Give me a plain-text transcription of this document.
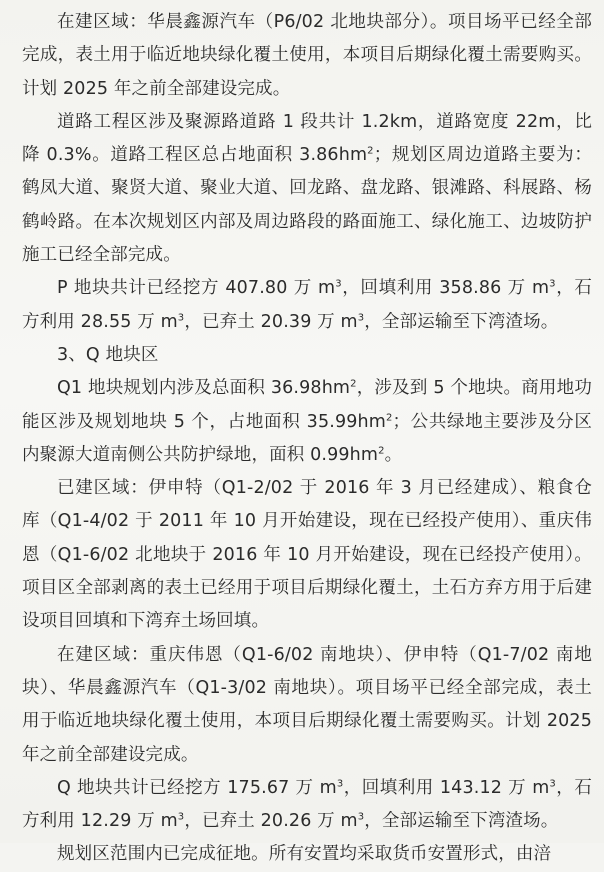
在建区域：华晨鑫源汽车（P6/02 北地块部分）。项目场平已经全部完成，表土用于临近地块绿化覆土使用，本项目后期绿化覆土需要购买。计划 2025 年之前全部建设完成。

道路工程区涉及聚源路道路 1 段共计 1.2km，道路宽度 22m，比降 0.3%。道路工程区总占地面积 $3.86hm^2$；规划区周边道路主要为：鹤凤大道、聚贤大道、聚业大道、回龙路、盘龙路、银滩路、科展路、杨鹤岭路。在本次规划区内部及周边路段的路面施工、绿化施工、边坡防护施工已经全部完成。

P 地块共计已经挖方 407.80 万 $m^3$，回填利用 358.86 万 $m^3$，石方利用 28.55 万 $m^3$，已弃土 20.39 万 $m^3$，全部运输至下湾渣场。

3、Q 地块区

Q1 地块规划内涉及总面积 $36.98hm^2$，涉及到 5 个地块。商用地功能区涉及规划地块 5 个，占地面积 $35.99hm^2$；公共绿地主要涉及分区内聚源大道南侧公共防护绿地，面积 $0.99hm^2$。

已建区域：伊申特（Q1-2/02 于 2016 年 3 月已经建成）、粮食仓库（Q1-4/02 于 2011 年 10 月开始建设，现在已经投产使用）、重庆伟恩（Q1-6/02 北地块于 2016 年 10 月开始建设，现在已经投产使用）。项目区全部剥离的表土已经用于项目后期绿化覆土，土石方弃方用于后建设项目回填和下湾弃土场回填。

在建区域：重庆伟恩（Q1-6/02 南地块）、伊申特（Q1-7/02 南地块）、华晨鑫源汽车（Q1-3/02 南地块）。项目场平已经全部完成，表土用于临近地块绿化覆土使用，本项目后期绿化覆土需要购买。计划 2025 年之前全部建设完成。

Q 地块共计已经挖方 175.67 万 $m^3$，回填利用 143.12 万 $m^3$，石方利用 12.29 万 $m^3$，已弃土 20.26 万 $m^3$，全部运输至下湾渣场。

规划区范围内已完成征地。所有安置均采取货币安置形式，由涪
